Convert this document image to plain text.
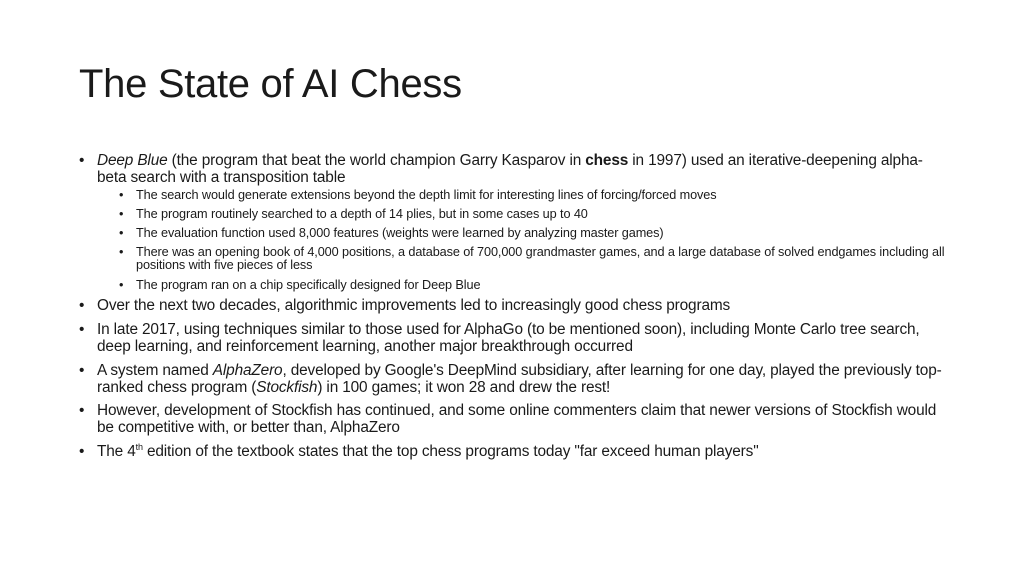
The State of AI Chess
• Deep Blue (the program that beat the world champion Garry Kasparov in chess in 1997) used an iterative-deepening alpha-beta search with a transposition table
• The search would generate extensions beyond the depth limit for interesting lines of forcing/forced moves
• The program routinely searched to a depth of 14 plies, but in some cases up to 40
• The evaluation function used 8,000 features (weights were learned by analyzing master games)
• There was an opening book of 4,000 positions, a database of 700,000 grandmaster games, and a large database of solved endgames including all positions with five pieces of less
• The program ran on a chip specifically designed for Deep Blue
• Over the next two decades, algorithmic improvements led to increasingly good chess programs
• In late 2017, using techniques similar to those used for AlphaGo (to be mentioned soon), including Monte Carlo tree search, deep learning, and reinforcement learning, another major breakthrough occurred
• A system named AlphaZero, developed by Google's DeepMind subsidiary, after learning for one day, played the previously top-ranked chess program (Stockfish) in 100 games; it won 28 and drew the rest!
• However, development of Stockfish has continued, and some online commenters claim that newer versions of Stockfish would be competitive with, or better than, AlphaZero
• The 4th edition of the textbook states that the top chess programs today "far exceed human players"
